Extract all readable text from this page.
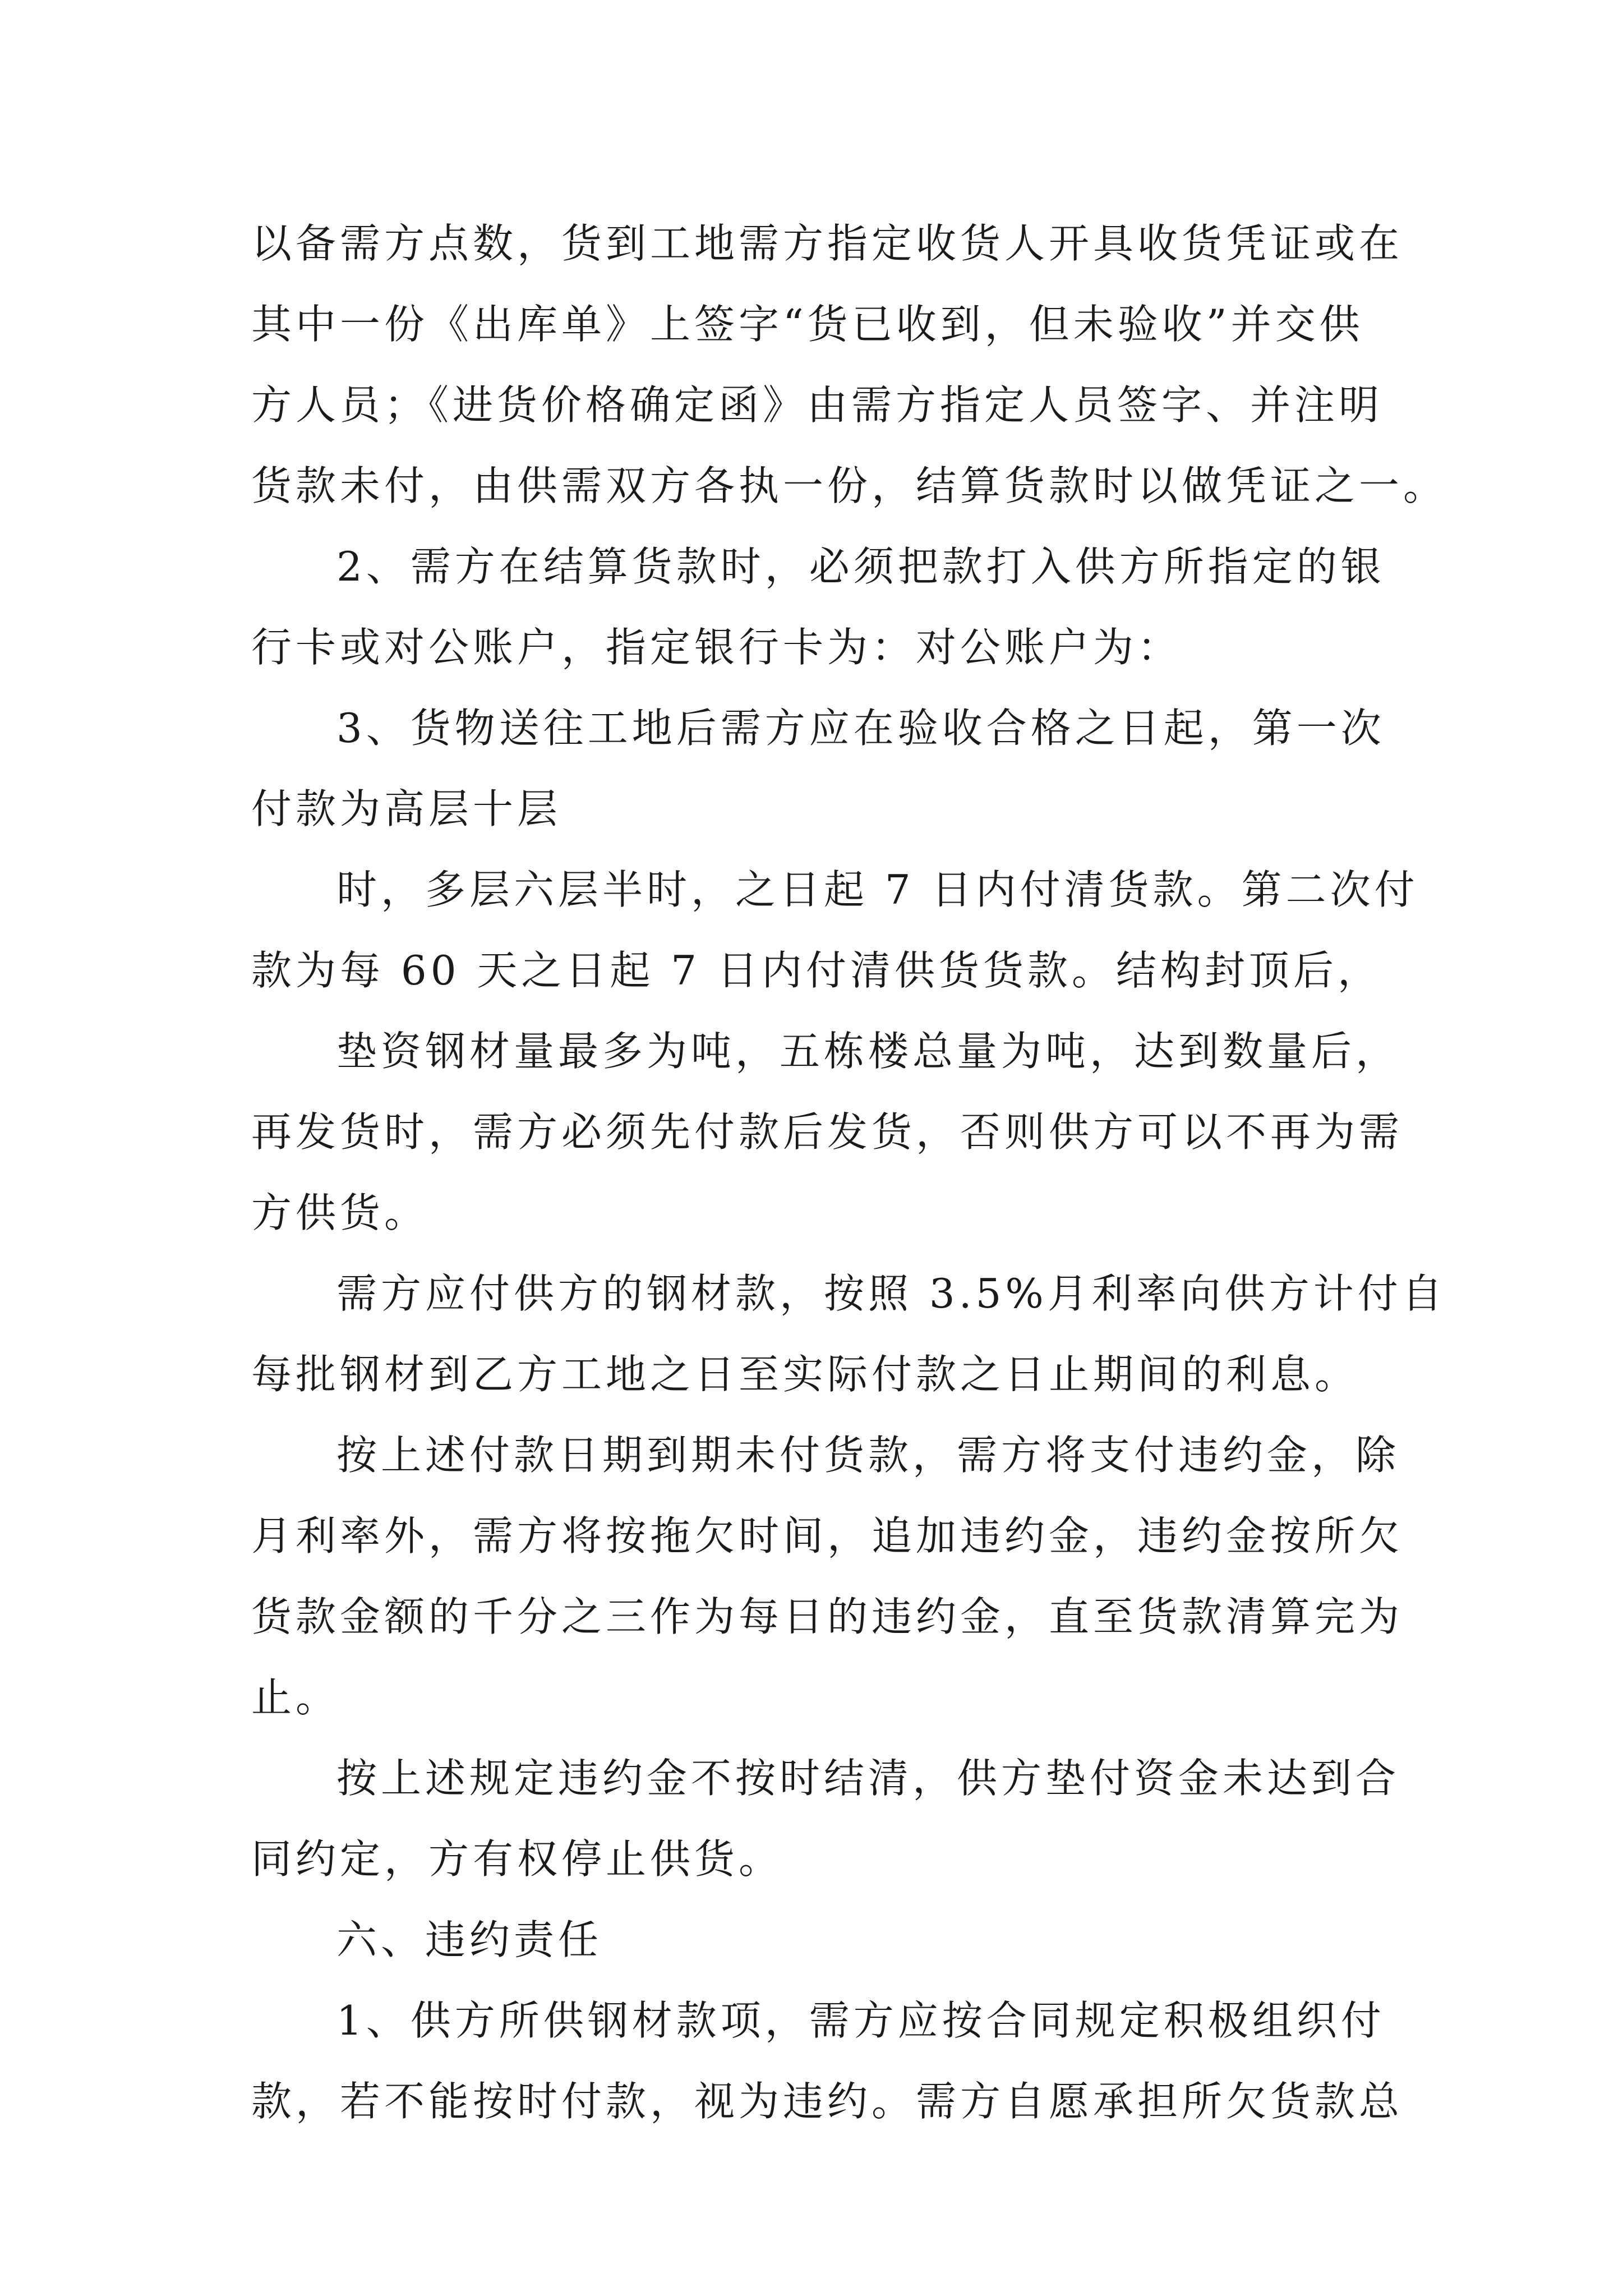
以备需方点数，货到工地需方指定收货人开具收货凭证或在
其中一份《出库单》上签字“货已收到，但未验收”并交供
方人员；《进货价格确定函》由需方指定人员签字、并注明
货款未付，由供需双方各执一份，结算货款时以做凭证之一。
2、需方在结算货款时，必须把款打入供方所指定的银
行卡或对公账户，指定银行卡为：对公账户为：
3、货物送往工地后需方应在验收合格之日起，第一次
付款为高层十层
时，多层六层半时，之日起 7 日内付清货款。第二次付
款为每 60 天之日起 7 日内付清供货货款。结构封顶后，
垫资钢材量最多为吨，五栋楼总量为吨，达到数量后，
再发货时，需方必须先付款后发货，否则供方可以不再为需
方供货。
需方应付供方的钢材款，按照 3.5%月利率向供方计付自
每批钢材到乙方工地之日至实际付款之日止期间的利息。
按上述付款日期到期未付货款，需方将支付违约金，除
月利率外，需方将按拖欠时间，追加违约金，违约金按所欠
货款金额的千分之三作为每日的违约金，直至货款清算完为
止。
按上述规定违约金不按时结清，供方垫付资金未达到合
同约定，方有权停止供货。
六、违约责任
1、供方所供钢材款项，需方应按合同规定积极组织付
款，若不能按时付款，视为违约。需方自愿承担所欠货款总
